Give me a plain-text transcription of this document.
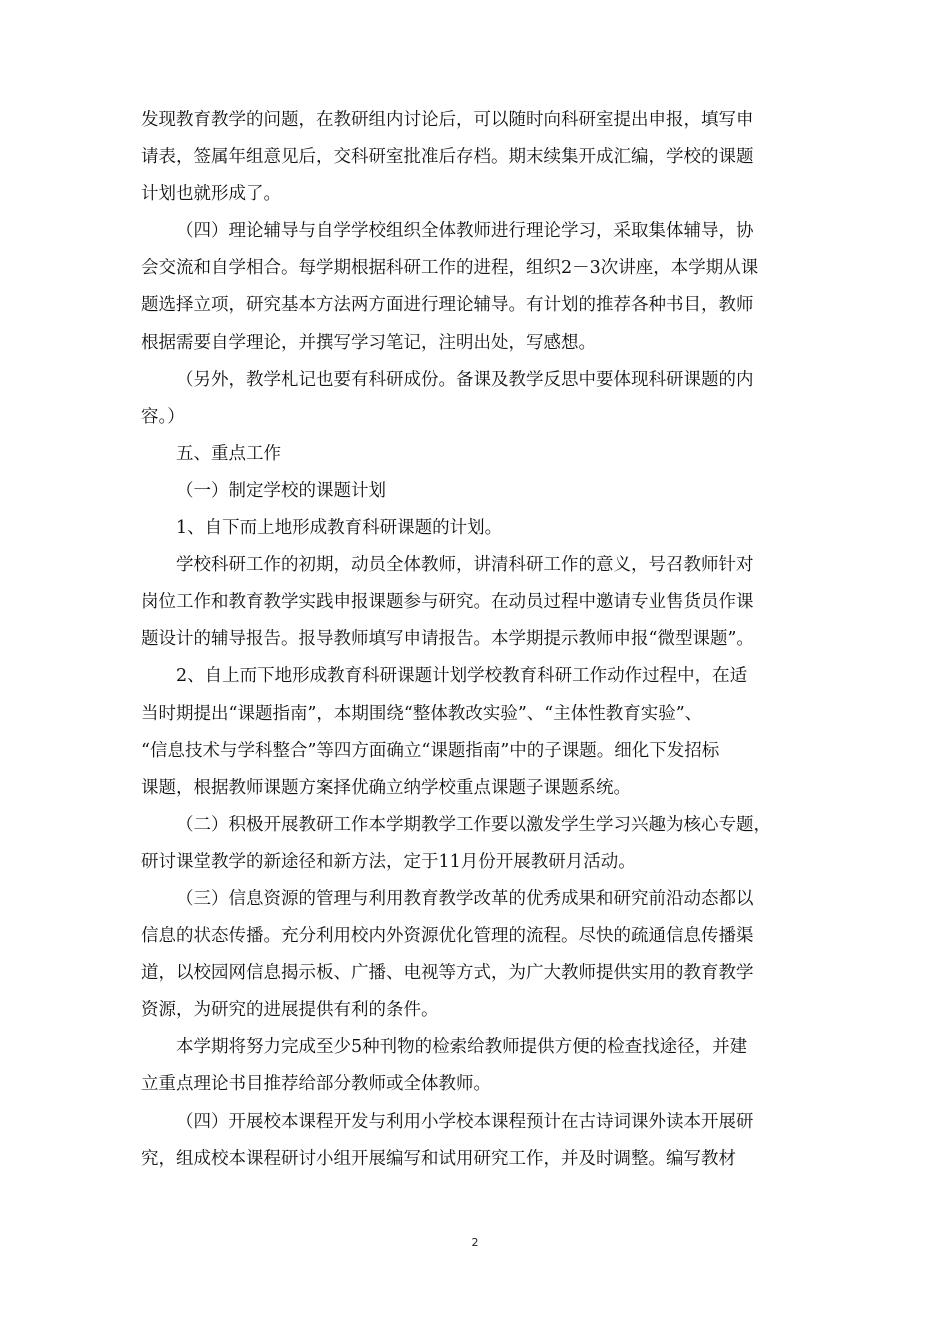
发现教育教学的问题，在教研组内讨论后，可以随时向科研室提出申报，填写申
请表，签属年组意见后，交科研室批准后存档。期末续集开成汇编，学校的课题
计划也就形成了。
（四）理论辅导与自学学校组织全体教师进行理论学习，采取集体辅导，协
会交流和自学相合。每学期根据科研工作的进程，组织2－3次讲座，本学期从课
题选择立项，研究基本方法两方面进行理论辅导。有计划的推荐各种书目，教师
根据需要自学理论，并撰写学习笔记，注明出处，写感想。
（另外，教学札记也要有科研成份。备课及教学反思中要体现科研课题的内
容。）
五、重点工作
（一）制定学校的课题计划
1、自下而上地形成教育科研课题的计划。
学校科研工作的初期，动员全体教师，讲清科研工作的意义，号召教师针对
岗位工作和教育教学实践申报课题参与研究。在动员过程中邀请专业售货员作课
题设计的辅导报告。报导教师填写申请报告。本学期提示教师申报“微型课题”。
2、自上而下地形成教育科研课题计划学校教育科研工作动作过程中，在适
当时期提出“课题指南”，本期围绕“整体教改实验”、“主体性教育实验”、
“信息技术与学科整合”等四方面确立“课题指南”中的子课题。细化下发招标
课题，根据教师课题方案择优确立纳学校重点课题子课题系统。
（二）积极开展教研工作本学期教学工作要以激发学生学习兴趣为核心专题，
研讨课堂教学的新途径和新方法，定于11月份开展教研月活动。
（三）信息资源的管理与利用教育教学改革的优秀成果和研究前沿动态都以
信息的状态传播。充分利用校内外资源优化管理的流程。尽快的疏通信息传播渠
道，以校园网信息揭示板、广播、电视等方式，为广大教师提供实用的教育教学
资源，为研究的进展提供有利的条件。
本学期将努力完成至少5种刊物的检索给教师提供方便的检查找途径，并建
立重点理论书目推荐给部分教师或全体教师。
（四）开展校本课程开发与利用小学校本课程预计在古诗词课外读本开展研
究，组成校本课程研讨小组开展编写和试用研究工作，并及时调整。编写教材
2
